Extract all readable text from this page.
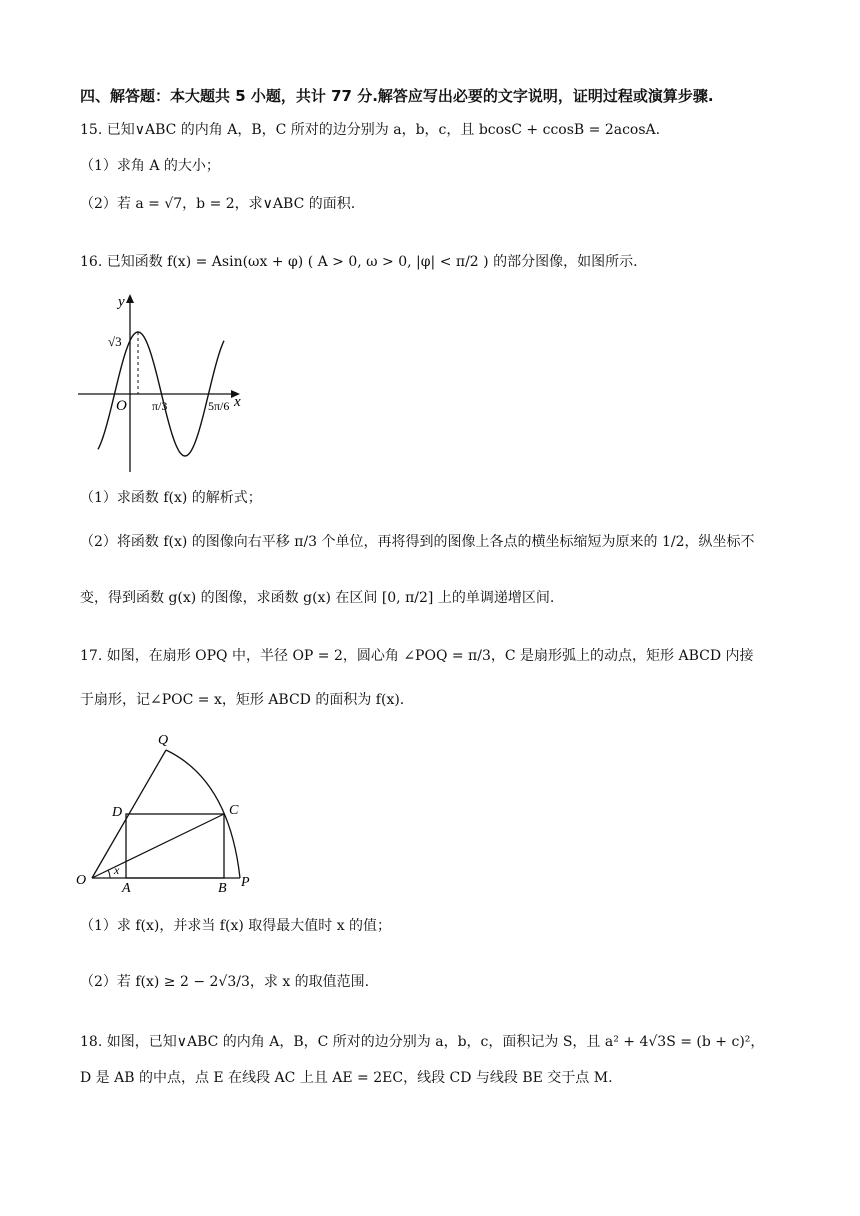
四、解答题：本大题共 5 小题，共计 77 分.解答应写出必要的文字说明，证明过程或演算步骤.
15. 已知∨ABC 的内角 A，B，C 所对的边分别为 a，b，c，且 bcosC + ccosB = 2acosA.
（1）求角 A 的大小；
（2）若 a = √7，b = 2，求∨ABC 的面积.
16. 已知函数 f(x) = Asin(ωx + φ) ( A > 0, ω > 0, |φ| < π/2 ) 的部分图像，如图所示.
y
x
O
√3
π/3	5π/6
（1）求函数 f(x) 的解析式；
（2）将函数 f(x) 的图像向右平移 π/3 个单位，再将得到的图像上各点的横坐标缩短为原来的 1/2，纵坐标不
变，得到函数 g(x) 的图像，求函数 g(x) 在区间 [0, π/2] 上的单调递增区间.
17. 如图，在扇形 OPQ 中，半径 OP = 2，圆心角 ∠POQ = π/3，C 是扇形弧上的动点，矩形 ABCD 内接
于扇形，记∠POC = x，矩形 ABCD 的面积为 f(x).
O
A	B P
C
D
Q
x
（1）求 f(x)，并求当 f(x) 取得最大值时 x 的值；
（2）若 f(x) ≥ 2 − 2√3/3，求 x 的取值范围.
18. 如图，已知∨ABC 的内角 A，B，C 所对的边分别为 a，b，c，面积记为 S，且 a² + 4√3S = (b + c)²，
D 是 AB 的中点，点 E 在线段 AC 上且 AE = 2EC，线段 CD 与线段 BE 交于点 M.
